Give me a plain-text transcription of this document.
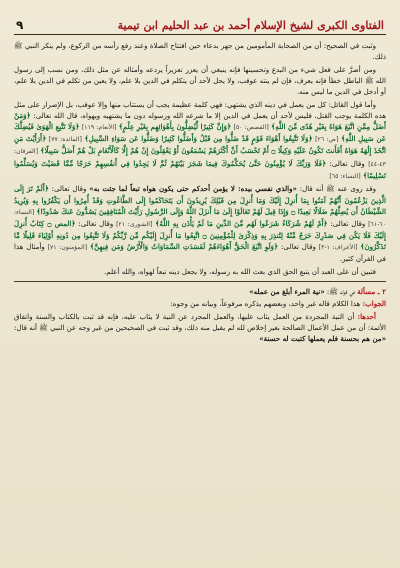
الفتاوى الكبرى لشيخ الإسلام أحمد بن عبد الحليم ابن تيمية
٩

وثبت في الصحيح: أن من الصحابة المأمومين من جهر بدعاء حين افتتاح الصلاة وعند رفع رأسه من الركوع، ولم ينكر النبي ﷺ ذلك.

ومن أصرَّ على فعل شيء من البدع وتحسينها فإنه ينبغي أن يعزر تعزيراً يردعه وأمثاله عن مثل ذلك، ومن نسب إلى رسول الله ﷺ الباطل خطأ فإنه يعرف، فإن لم ينته عوقب، ولا يحل لأحد أن يتكلم في الدين بلا علم، ولا يعين من تكلم في الدين بلا علم، أو أدخل في الدين ما ليس منه.

وأما قول القائل: كل من يعمل في دينه الذي يشتهي: فهي كلمة عظيمة يجب أن يستتاب منها وإلا عوقب، بل الإصرار على مثل هذه الكلمة يوجب القتل، فليس لأحد أن يعمل في الدين إلا ما شرعه الله ورسوله دون ما يشتهيه ويهواه، قال الله تعالى: ﴿وَمَنْ أَضَلُّ مِمَّنِ اتَّبَعَ هَوَاهُ بِغَيْرِ هُدًى مِّنَ اللَّهِ﴾ [القصص: ٥٠] ﴿وَإِنَّ كَثِيرًا لَّيُضِلُّونَ بِأَهْوَائِهِم بِغَيْرِ عِلْمٍ﴾ [الأنعام: ١١٩] ﴿وَلَا تَتَّبِعِ الْهَوَىٰ فَيُضِلَّكَ عَن سَبِيلِ اللَّهِ﴾ [ص: ٢٦] ﴿وَلَا تَتَّبِعُوا أَهْوَاءَ قَوْمٍ قَدْ ضَلُّوا مِن قَبْلُ وَأَضَلُّوا كَثِيرًا وَضَلُّوا عَن سَوَاءِ السَّبِيلِ﴾ [المائدة: ٧٧] ﴿أَرَأَيْتَ مَنِ اتَّخَذَ إِلَٰهَهُ هَوَاهُ أَفَأَنتَ تَكُونُ عَلَيْهِ وَكِيلًا ۝ أَمْ تَحْسَبُ أَنَّ أَكْثَرَهُمْ يَسْمَعُونَ أَوْ يَعْقِلُونَ إِنْ هُمْ إِلَّا كَالْأَنْعَامِ بَلْ هُمْ أَضَلُّ سَبِيلًا﴾ [الفرقان: ٤٣-٤٤] وقال تعالى: ﴿فَلَا وَرَبِّكَ لَا يُؤْمِنُونَ حَتَّىٰ يُحَكِّمُوكَ فِيمَا شَجَرَ بَيْنَهُمْ ثُمَّ لَا يَجِدُوا فِي أَنفُسِهِمْ حَرَجًا مِّمَّا قَضَيْتَ وَيُسَلِّمُوا تَسْلِيمًا﴾ [النساء: ٦٥]

وقد روى عنه ﷺ أنه قال: «والذي نفسي بيده: لا يؤمن أحدكم حتى يكون هواه تبعاً لما جئت به» وقال تعالى: ﴿أَلَمْ تَرَ إِلَى الَّذِينَ يَزْعُمُونَ أَنَّهُمْ آمَنُوا بِمَا أُنزِلَ إِلَيْكَ وَمَا أُنزِلَ مِن قَبْلِكَ يُرِيدُونَ أَن يَتَحَاكَمُوا إِلَى الطَّاغُوتِ وَقَدْ أُمِرُوا أَن يَكْفُرُوا بِهِ وَيُرِيدُ الشَّيْطَانُ أَن يُضِلَّهُمْ ضَلَالًا بَعِيدًا ۝ وَإِذَا قِيلَ لَهُمْ تَعَالَوْا إِلَىٰ مَا أَنزَلَ اللَّهُ وَإِلَى الرَّسُولِ رَأَيْتَ الْمُنَافِقِينَ يَصُدُّونَ عَنكَ صُدُودًا﴾ [النساء: ٦٠-٦١] وقال تعالى: ﴿أَمْ لَهُمْ شُرَكَاءُ شَرَعُوا لَهُم مِّنَ الدِّينِ مَا لَمْ يَأْذَن بِهِ اللَّهُ﴾ [الشورى: ٢١] وقال تعالى: ﴿المص ۝ كِتَابٌ أُنزِلَ إِلَيْكَ فَلَا يَكُن فِي صَدْرِكَ حَرَجٌ مِّنْهُ لِتُنذِرَ بِهِ وَذِكْرَىٰ لِلْمُؤْمِنِينَ ۝ اتَّبِعُوا مَا أُنزِلَ إِلَيْكُم مِّن رَّبِّكُمْ وَلَا تَتَّبِعُوا مِن دُونِهِ أَوْلِيَاءَ قَلِيلًا مَّا تَذَكَّرُونَ﴾ [الأعراف: ١-٣] وقال تعالى: ﴿وَلَوِ اتَّبَعَ الْحَقُّ أَهْوَاءَهُمْ لَفَسَدَتِ السَّمَاوَاتُ وَالْأَرْضُ وَمَن فِيهِنَّ﴾ [المؤمنون: ٧١] وأمثال هذا في القرآن كثير.

فتبين أن على العبد أن يتبع الحق الذي بعث الله به رسوله، ولا يجعل دينه تبعاً لهواه، والله أعلم.

٢ ـ مسألة في قوله ﷺ: «نية المرء أبلغ من عمله»

الجواب: هذا الكلام قاله غير واحد، وبعضهم يذكره مرفوعاً، وبيانه من وجوه:

أحدها: أن النية المجردة من العمل يثاب عليها، والعمل المجرد عن النية لا يثاب عليه، فإنه قد ثبت بالكتاب والسنة واتفاق الأئمة: أن من عمل الأعمال الصالحة بغير إخلاص لله لم يقبل منه ذلك، وقد ثبت في الصحيحين من غير وجه عن النبي ﷺ أنه قال: «من هم بحسنة فلم يعملها كتبت له حسنة»
